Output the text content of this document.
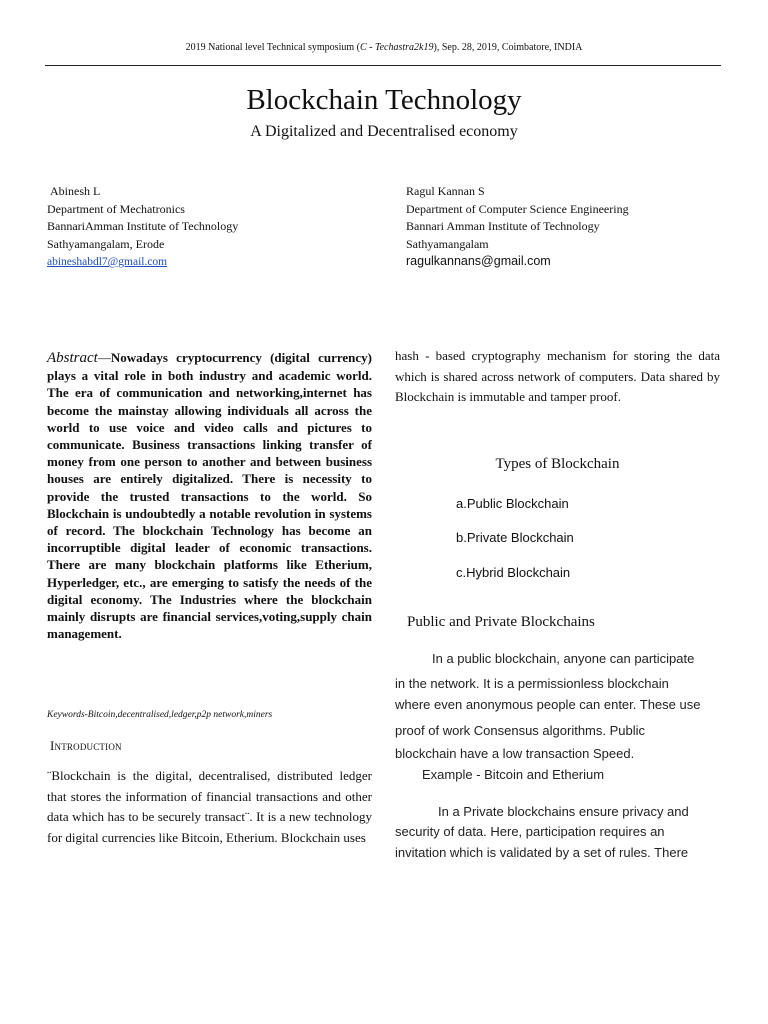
2019 National level Technical symposium (C - Techastra2k19), Sep. 28, 2019, Coimbatore, INDIA
Blockchain Technology
A Digitalized and Decentralised economy
Abinesh L
Department of Mechatronics
BannariAmman Institute of Technology
Sathyamangalam, Erode
abineshabdl7@gmail.com
Ragul Kannan S
Department of Computer Science Engineering
Bannari Amman Institute of Technology
Sathyamangalam
ragulkannans@gmail.com
Abstract—Nowadays cryptocurrency (digital currency) plays a vital role in both industry and academic world. The era of communication and networking,internet has become the mainstay allowing individuals all across the world to use voice and video calls and pictures to communicate. Business transactions linking transfer of money from one person to another and between business houses are entirely digitalized. There is necessity to provide the trusted transactions to the world. So Blockchain is undoubtedly a notable revolution in systems of record. The blockchain Technology has become an incorruptible digital leader of economic transactions. There are many blockchain platforms like Etherium, Hyperledger, etc., are emerging to satisfy the needs of the digital economy. The Industries where the blockchain mainly disrupts are financial services,voting,supply chain management.
Keywords-Bitcoin,decentralised,ledger,p2p network,miners
Introduction
¨Blockchain is the digital, decentralised, distributed ledger that stores the information of financial transactions and other data which has to be securely transact¨. It is a new technology for digital currencies like Bitcoin, Etherium. Blockchain uses
hash - based cryptography mechanism for storing the data which is shared across network of computers. Data shared by Blockchain is immutable and tamper proof.
Types of Blockchain
a.Public Blockchain
b.Private Blockchain
c.Hybrid Blockchain
Public and Private Blockchains
In a public blockchain, anyone can participate
in the network. It is a permissionless blockchain
where even anonymous people can enter. These use
proof of work Consensus algorithms. Public
blockchain have a low transaction Speed.
Example - Bitcoin and Etherium
In a Private blockchains ensure privacy and
security of data. Here, participation requires an
invitation which is validated by a set of rules. There
